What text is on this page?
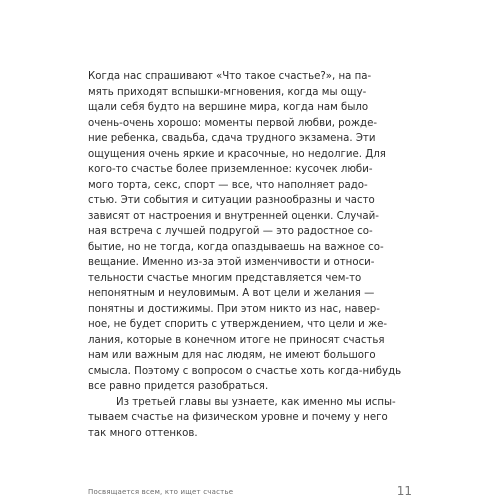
рачи от 400.
Мы же разобрались
в самых важных и значимых вопросах,
которые влияют на счастье
Когда нас спрашивают «Что такое счастье?», на па-
мять приходят вспышки-мгновения, когда мы ощу-
щали себя будто на вершине мира, когда нам было
очень-очень хорошо: моменты первой любви, рожде-
ние ребенка, свадьба, сдача трудного экзамена. Эти
ощущения очень яркие и красочные, но недолгие. Для
кого-то счастье более приземленное: кусочек люби-
мого торта, секс, спорт — все, что наполняет радо-
стью. Эти события и ситуации разнообразны и часто
зависят от настроения и внутренней оценки. Случай-
ная встреча с лучшей подругой — это радостное со-
бытие, но не тогда, когда опаздываешь на важное со-
вещание. Именно из-за этой изменчивости и относи-
тельности счастье многим представляется чем-то
непонятным и неуловимым. А вот цели и желания —
понятны и достижимы. При этом никто из нас, навер-
ное, не будет спорить с утверждением, что цели и же-
лания, которые в конечном итоге не приносят счастья
нам или важным для нас людям, не имеют большого
смысла. Поэтому с вопросом о счастье хоть когда-нибудь
все равно придется разобраться.
Из третьей главы вы узнаете, как именно мы испы-
тываем счастье на физическом уровне и почему у него
так много оттенков.
Посвящается всем, кто ищет счастье	11
